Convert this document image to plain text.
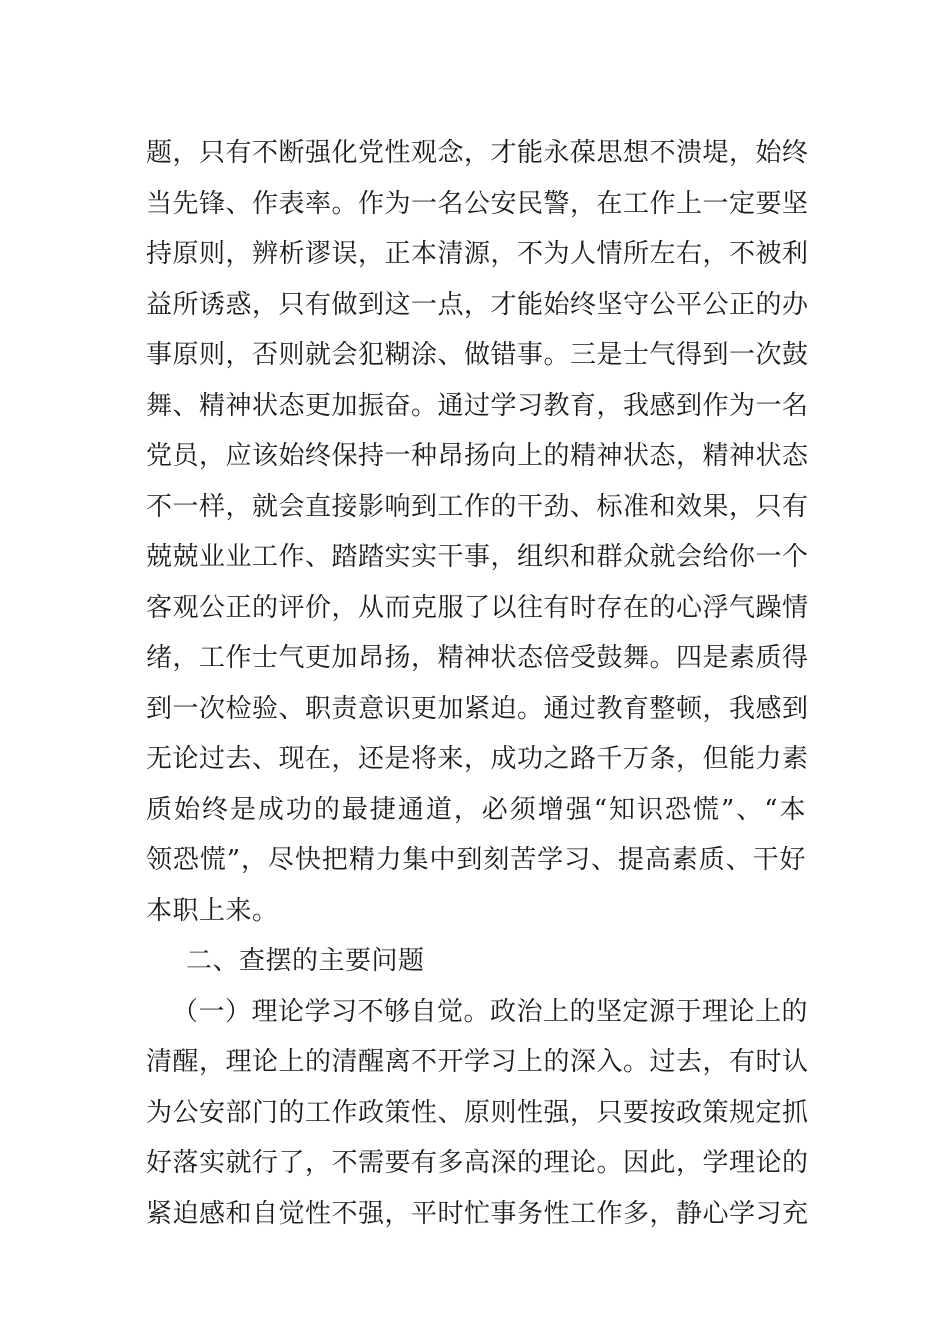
题，只有不断强化党性观念，才能永葆思想不溃堤，始终
当先锋、作表率。作为一名公安民警，在工作上一定要坚
持原则，辨析谬误，正本清源，不为人情所左右，不被利
益所诱惑，只有做到这一点，才能始终坚守公平公正的办
事原则，否则就会犯糊涂、做错事。三是士气得到一次鼓
舞、精神状态更加振奋。通过学习教育，我感到作为一名
党员，应该始终保持一种昂扬向上的精神状态，精神状态
不一样，就会直接影响到工作的干劲、标准和效果，只有
兢兢业业工作、踏踏实实干事，组织和群众就会给你一个
客观公正的评价，从而克服了以往有时存在的心浮气躁情
绪，工作士气更加昂扬，精神状态倍受鼓舞。四是素质得
到一次检验、职责意识更加紧迫。通过教育整顿，我感到
无论过去、现在，还是将来，成功之路千万条，但能力素
质始终是成功的最捷通道，必须增强“知识恐慌”、“本
领恐慌”，尽快把精力集中到刻苦学习、提高素质、干好
本职上来。
二、查摆的主要问题
（一）理论学习不够自觉。政治上的坚定源于理论上的
清醒，理论上的清醒离不开学习上的深入。过去，有时认
为公安部门的工作政策性、原则性强，只要按政策规定抓
好落实就行了，不需要有多高深的理论。因此，学理论的
紧迫感和自觉性不强，平时忙事务性工作多，静心学习充
